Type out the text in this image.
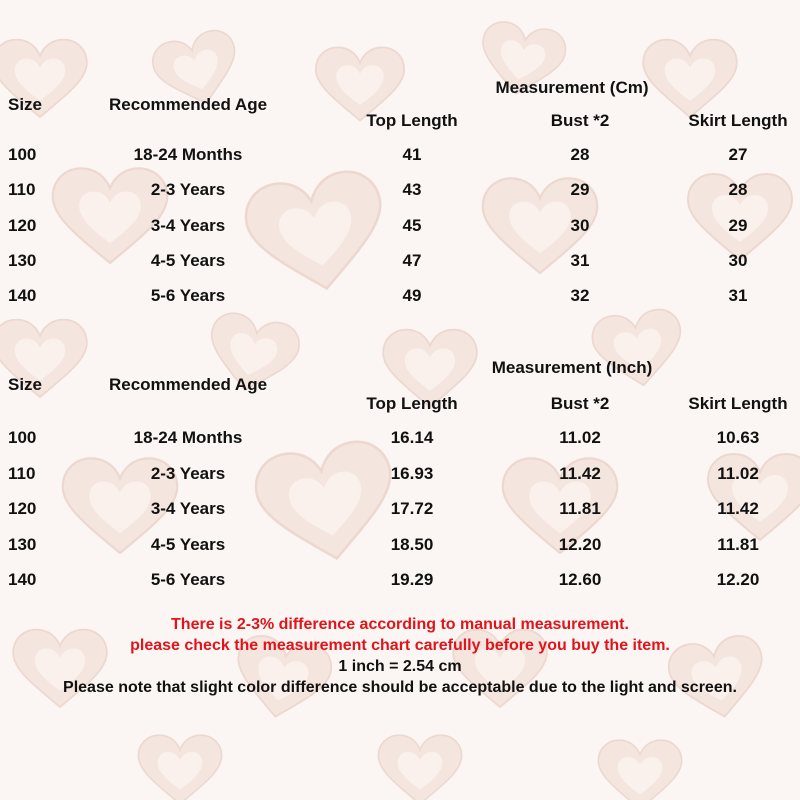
Measurement (Cm)
Size	Recommended Age
Top Length	Bust *2	Skirt Length
100	18-24 Months	41	28	27
110	2-3 Years	43	29	28
120	3-4 Years	45	30	29
130	4-5 Years	47	31	30
140	5-6 Years	49	32	31
Measurement (Inch)
Size	Recommended Age
Top Length	Bust *2	Skirt Length
100	18-24 Months	16.14	11.02	10.63
110	2-3 Years	16.93	11.42	11.02
120	3-4 Years	17.72	11.81	11.42
130	4-5 Years	18.50	12.20	11.81
140	5-6 Years	19.29	12.60	12.20
There is 2-3% difference according to manual measurement.
please check the measurement chart carefully before you buy the item.
1 inch = 2.54 cm
Please note that slight color difference should be acceptable due to the light and screen.
